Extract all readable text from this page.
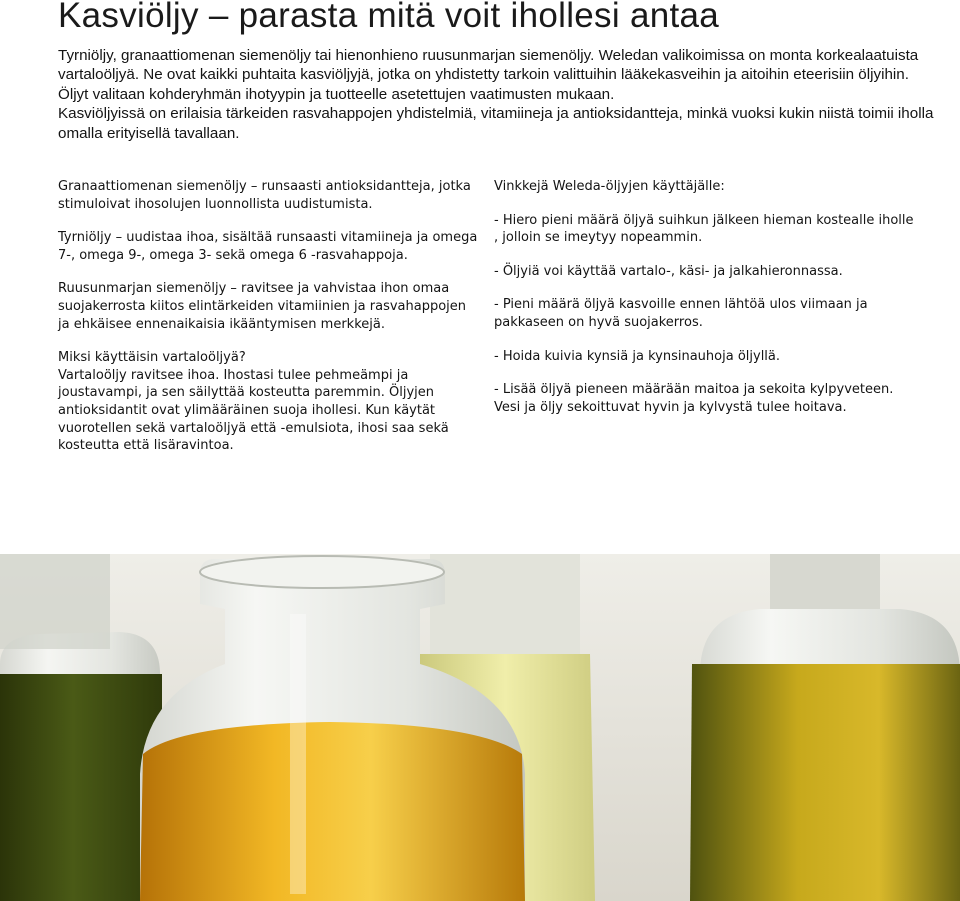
Kasviöljy – parasta mitä voit ihollesi antaa

Tyrniöljy, granaattiomenan siemenöljy tai hienonhieno ruusunmarjan siemenöljy. Weledan valikoimissa on monta korkealaatuista vartaloöljyä. Ne ovat kaikki puhtaita kasviöljyjä, jotka on yhdistetty tarkoin valittuihin lääkekasveihin ja aitoihin eteerisiin öljyihin. Öljyt valitaan kohderyhmän ihotyypin ja tuotteelle asetettujen vaatimusten mukaan.

Kasviöljyissä on erilaisia tärkeiden rasvahappojen yhdistelmiä, vitamiineja ja antioksidantteja, minkä vuoksi kukin niistä toimii iholla omalla erityisellä tavallaan.

Granaattiomenan siemenöljy – runsaasti antioksidantteja, jotka stimuloivat ihosolujen luonnollista uudistumista.

Tyrniöljy – uudistaa ihoa, sisältää runsaasti vitamiineja ja omega 7-, omega 9-, omega 3- sekä omega 6 -rasvahappoja.

Ruusunmarjan siemenöljy – ravitsee ja vahvistaa ihon omaa suojakerrosta kiitos elintärkeiden vitamiinien ja rasvahappojen ja ehkäisee ennenaikaisia ikääntymisen merkkejä.

Miksi käyttäisin vartaloöljyä?
Vartaloöljy ravitsee ihoa. Ihostasi tulee pehmeämpi ja joustavampi, ja sen säilyttää kosteutta paremmin. Öljyjen antioksidantit ovat ylimääräinen suoja ihollesi. Kun käytät vuorotellen sekä vartaloöljyä että -emulsiota, ihosi saa sekä kosteutta että lisäravintoa.

Vinkkejä Weleda-öljyjen käyttäjälle:

- Hiero pieni määrä öljyä suihkun jälkeen hieman kostealle iholle , jolloin se imeytyy nopeammin.

- Öljyiä voi käyttää vartalo-, käsi- ja jalkahieronnassa.

- Pieni määrä öljyä kasvoille ennen lähtöä ulos viimaan ja pakkaseen on hyvä suojakerros.

- Hoida kuivia kynsiä ja kynsinauhoja öljyllä.

- Lisää öljyä pieneen määrään maitoa ja sekoita kylpyveteen. Vesi ja öljy sekoittuvat hyvin ja kylvystä tulee hoitava.
